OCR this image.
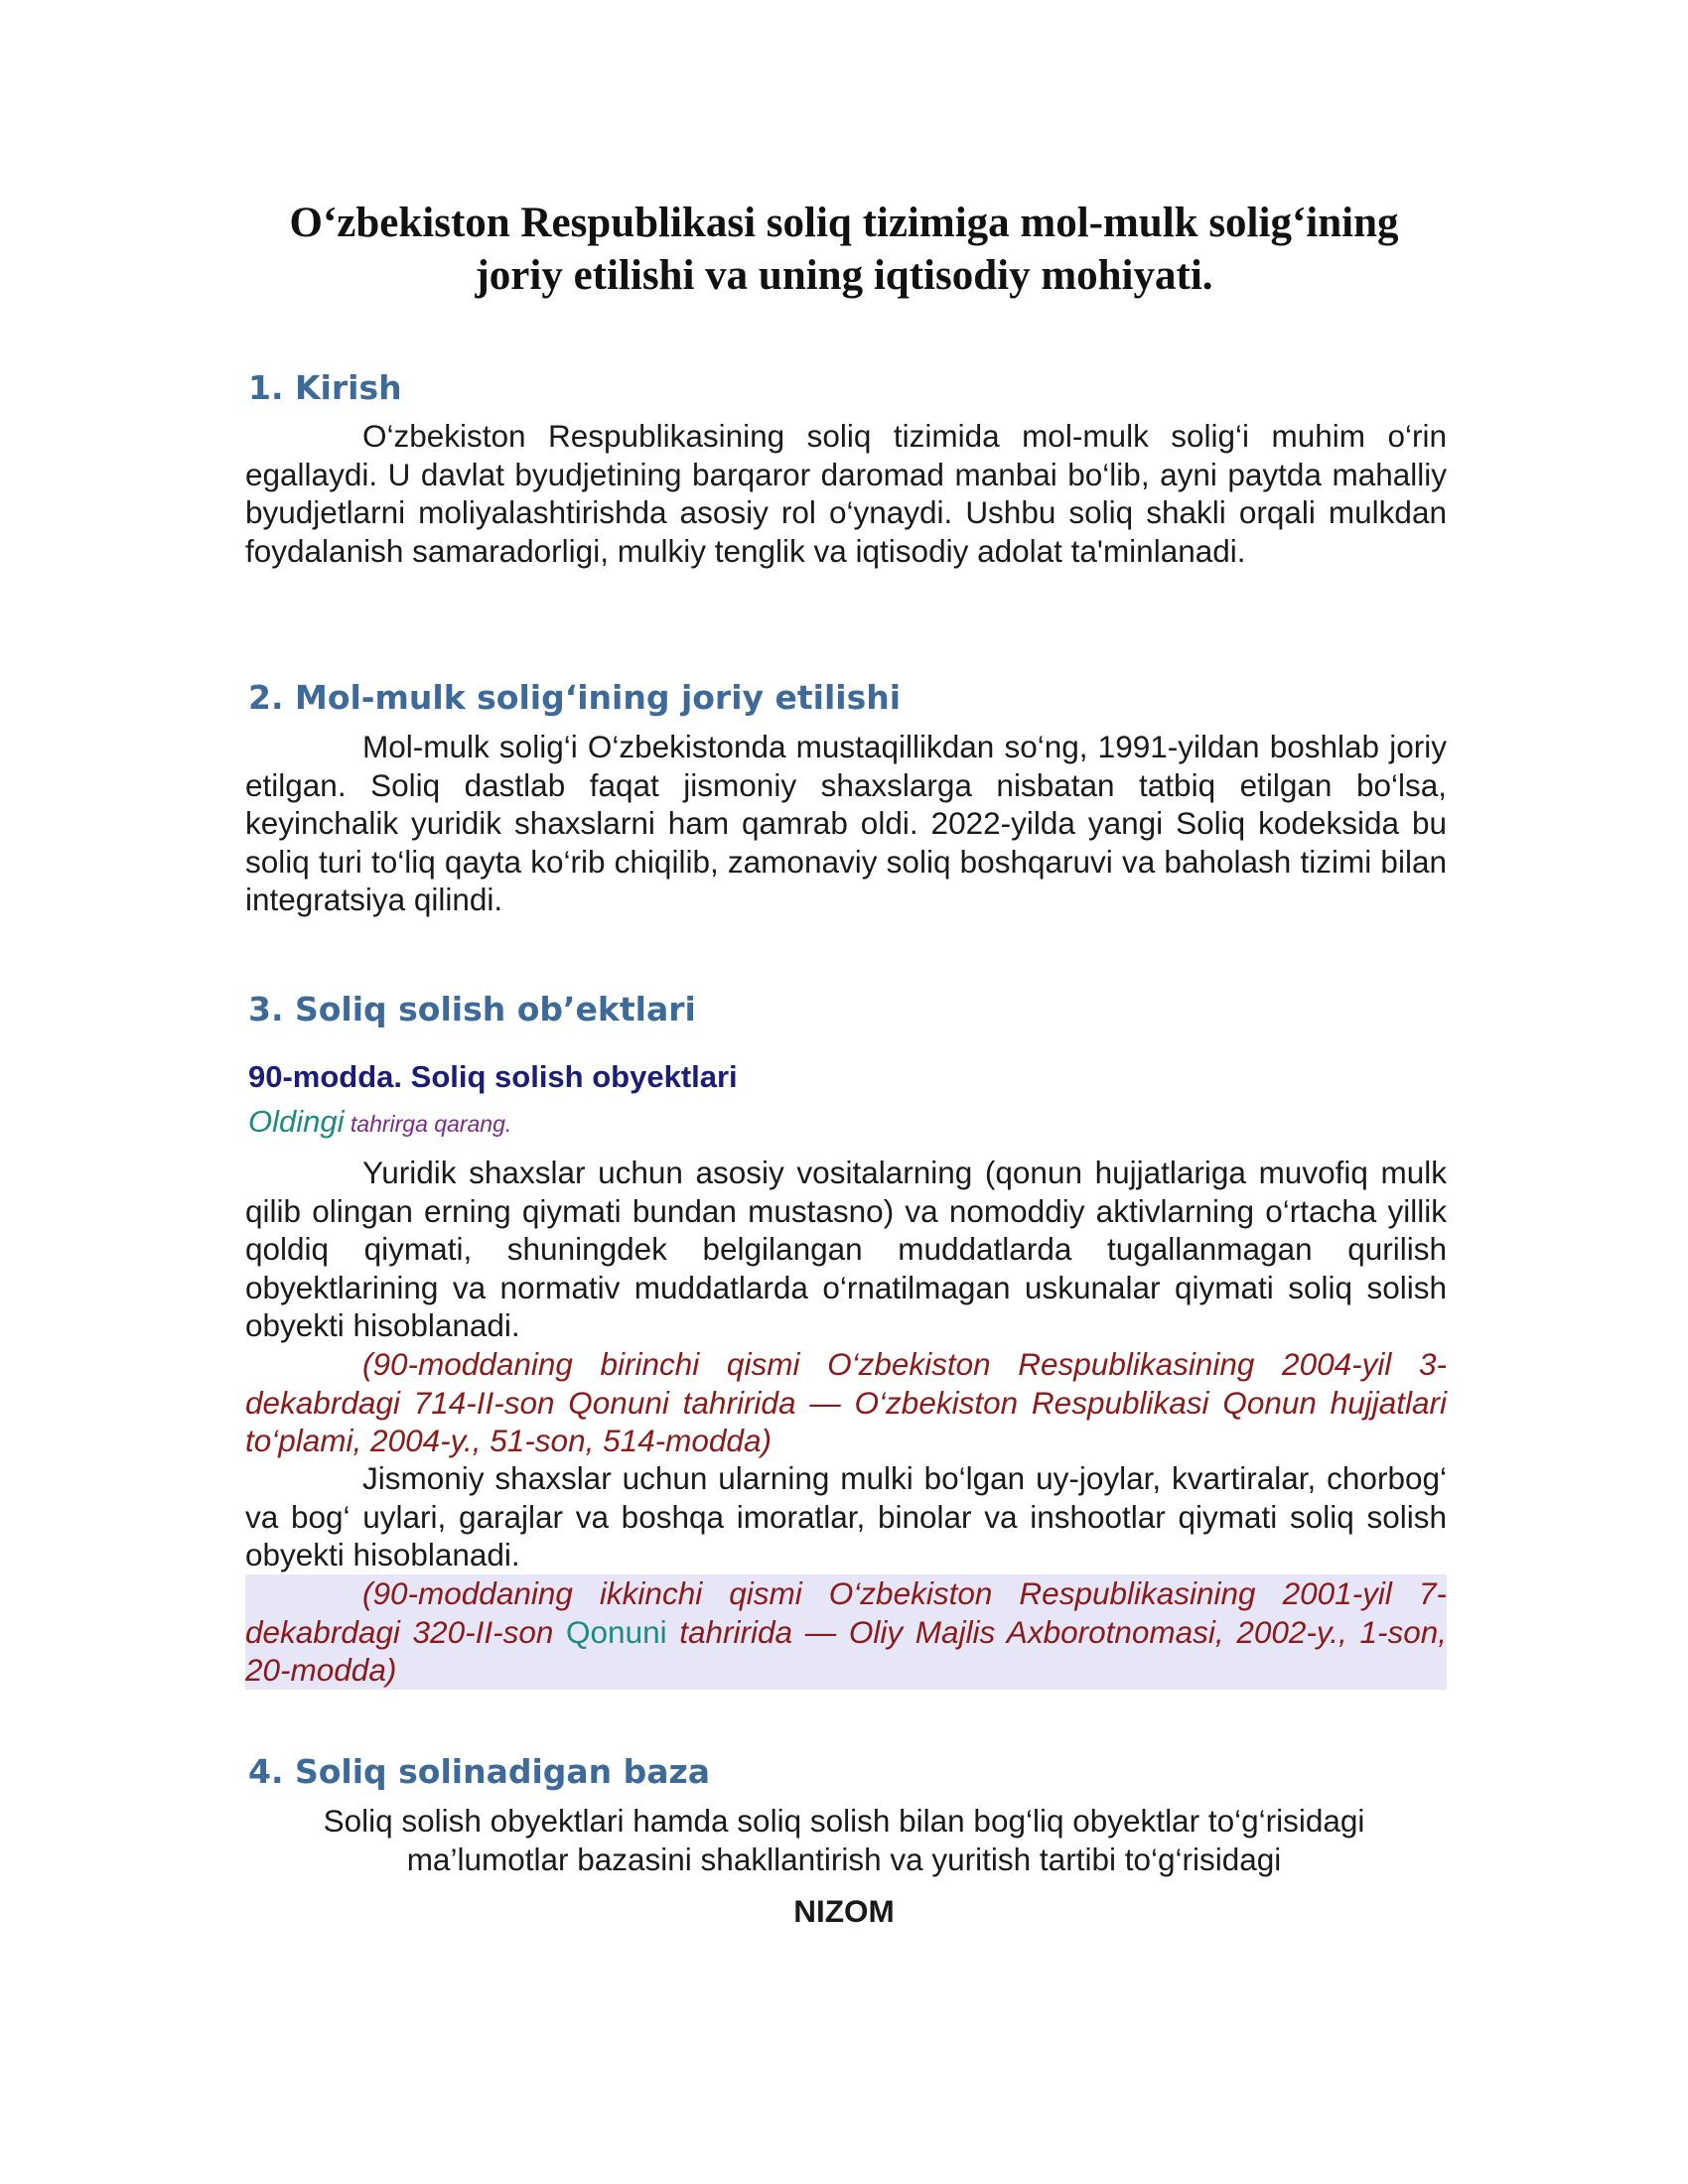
O‘zbekiston Respublikasi soliq tizimiga mol-mulk solig‘ining
joriy etilishi va uning iqtisodiy mohiyati.
1. Kirish

O‘zbekiston Respublikasining soliq tizimida mol-mulk solig‘i muhim o‘rin egallaydi. U davlat byudjetining barqaror daromad manbai bo‘lib, ayni paytda mahalliy byudjetlarni moliyalashtirishda asosiy rol o‘ynaydi. Ushbu soliq shakli orqali mulkdan foydalanish samaradorligi, mulkiy tenglik va iqtisodiy adolat ta'minlanadi.

2. Mol-mulk solig‘ining joriy etilishi

Mol-mulk solig‘i O‘zbekistonda mustaqillikdan so‘ng, 1991-yildan boshlab joriy etilgan. Soliq dastlab faqat jismoniy shaxslarga nisbatan tatbiq etilgan bo‘lsa, keyinchalik yuridik shaxslarni ham qamrab oldi. 2022-yilda yangi Soliq kodeksida bu soliq turi to‘liq qayta ko‘rib chiqilib, zamonaviy soliq boshqaruvi va baholash tizimi bilan integratsiya qilindi.

3. Soliq solish ob’ektlari
90-modda. Soliq solish obyektlari

Oldingi tahrirga qarang.

Yuridik shaxslar uchun asosiy vositalarning (qonun hujjatlariga muvofiq mulk qilib olingan erning qiymati bundan mustasno) va nomoddiy aktivlarning o‘rtacha yillik qoldiq qiymati, shuningdek belgilangan muddatlarda tugallanmagan qurilish obyektlarining va normativ muddatlarda o‘rnatilmagan uskunalar qiymati soliq solish obyekti hisoblanadi.

(90-moddaning birinchi qismi O‘zbekiston Respublikasining 2004-yil 3-dekabrdagi 714-II-son Qonuni tahririda — O‘zbekiston Respublikasi Qonun hujjatlari to‘plami, 2004-y., 51-son, 514-modda)

Jismoniy shaxslar uchun ularning mulki bo‘lgan uy-joylar, kvartiralar, chorbog‘ va bog‘ uylari, garajlar va boshqa imoratlar, binolar va inshootlar qiymati soliq solish obyekti hisoblanadi.

(90-moddaning ikkinchi qismi O‘zbekiston Respublikasining 2001-yil 7-dekabrdagi 320-II-son Qonuni tahririda — Oliy Majlis Axborotnomasi, 2002-y., 1-son, 20-modda)

4. Soliq solinadigan baza

Soliq solish obyektlari hamda soliq solish bilan bog‘liq obyektlar to‘g‘risidagi
ma’lumotlar bazasini shakllantirish va yuritish tartibi to‘g‘risidagi

NIZOM
